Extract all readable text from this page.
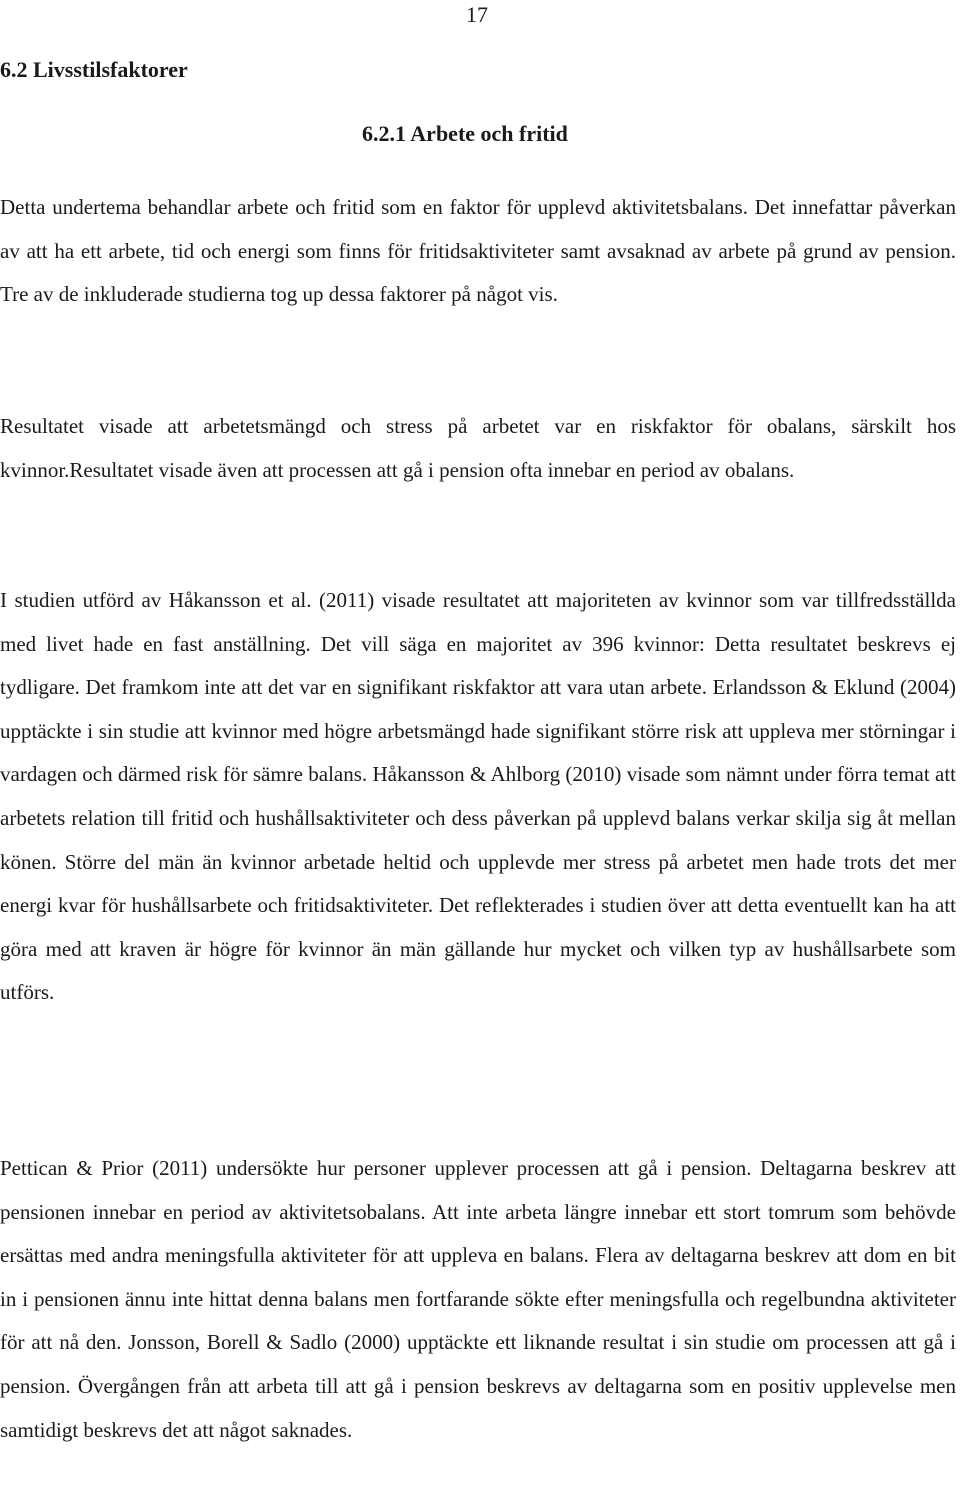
17
6.2 Livsstilsfaktorer
6.2.1 Arbete och fritid

Detta undertema behandlar arbete och fritid som en faktor för upplevd aktivitetsbalans. Det innefattar påverkan av att ha ett arbete, tid och energi som finns för fritidsaktiviteter samt avsaknad av arbete på grund av pension. Tre av de inkluderade studierna tog up dessa faktorer på något vis.

Resultatet visade att arbetetsmängd och stress på arbetet var en riskfaktor för obalans, särskilt hos kvinnor.Resultatet visade även att processen att gå i pension ofta innebar en period av obalans.

I studien utförd av Håkansson et al. (2011) visade resultatet att majoriteten av kvinnor som var tillfredsställda med livet hade en fast anställning. Det vill säga en majoritet av 396 kvinnor: Detta resultatet beskrevs ej tydligare. Det framkom inte att det var en signifikant riskfaktor att vara utan arbete. Erlandsson & Eklund (2004) upptäckte i sin studie att kvinnor med högre arbetsmängd hade signifikant större risk att uppleva mer störningar i vardagen och därmed risk för sämre balans. Håkansson & Ahlborg (2010) visade som nämnt under förra temat att arbetets relation till fritid och hushållsaktiviteter och dess påverkan på upplevd balans verkar skilja sig åt mellan könen. Större del män än kvinnor arbetade heltid och upplevde mer stress på arbetet men hade trots det mer energi kvar för hushållsarbete och fritidsaktiviteter. Det reflekterades i studien över att detta eventuellt kan ha att göra med att kraven är högre för kvinnor än män gällande hur mycket och vilken typ av hushållsarbete som utförs.

Pettican & Prior (2011) undersökte hur personer upplever processen att gå i pension. Deltagarna beskrev att pensionen innebar en period av aktivitetsobalans. Att inte arbeta längre innebar ett stort tomrum som behövde ersättas med andra meningsfulla aktiviteter för att uppleva en balans. Flera av deltagarna beskrev att dom en bit in i pensionen ännu inte hittat denna balans men fortfarande sökte efter meningsfulla och regelbundna aktiviteter för att nå den. Jonsson, Borell & Sadlo (2000) upptäckte ett liknande resultat i sin studie om processen att gå i pension. Övergången från att arbeta till att gå i pension beskrevs av deltagarna som en positiv upplevelse men samtidigt beskrevs det att något saknades.
